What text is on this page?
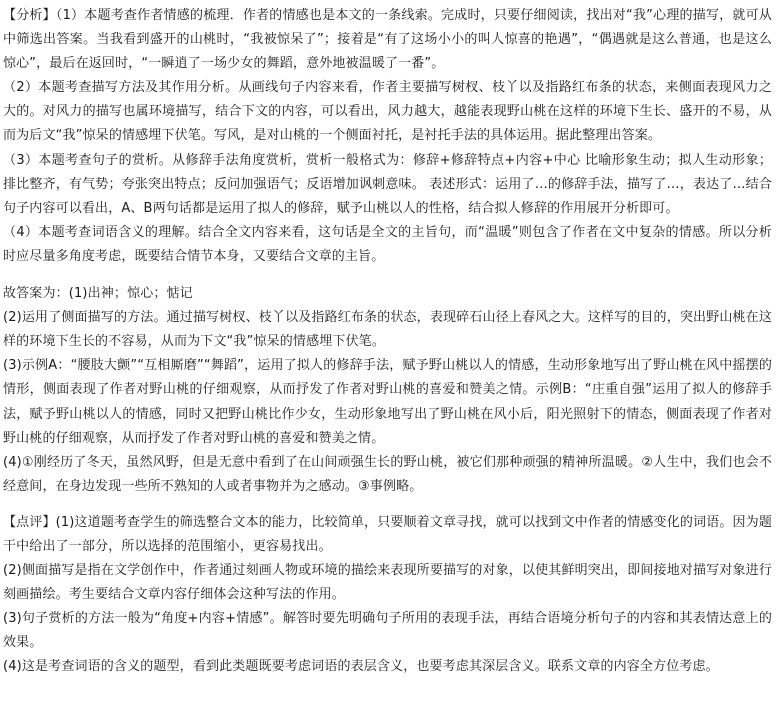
【分析】（1）本题考查作者情感的梳理．作者的情感也是本文的一条线索。完成时，只要仔细阅读，找出对“我”心理的描写，就可从中筛选出答案。当我看到盛开的山桃时，“我被惊呆了”；接着是“有了这场小小的叫人惊喜的艳遇”，“偶遇就是这么普通，也是这么惊心”，最后在返回时，“一瞬逍了一场少女的舞蹈，意外地被温暖了一番”。

（2）本题考查描写方法及其作用分析。从画线句子内容来看，作者主要描写树杈、枝丫以及指路红布条的状态，来侧面表现风力之大的。对风力的描写也属环境描写，结合下文的内容，可以看出，风力越大，越能表现野山桃在这样的环境下生长、盛开的不易，从而为后文“我”惊呆的情感埋下伏笔。写风，是对山桃的一个侧面衬托，是衬托手法的具体运用。据此整理出答案。

（3）本题考查句子的赏析。从修辞手法角度赏析，赏析一般格式为：修辞+修辞特点+内容+中心 比喻形象生动；拟人生动形象；排比整齐，有气势；夸张突出特点；反问加强语气；反语增加讽刺意味。 表述形式：运用了…的修辞手法，描写了…，表达了…结合句子内容可以看出，A、B两句话都是运用了拟人的修辞，赋予山桃以人的性格，结合拟人修辞的作用展开分析即可。

（4）本题考查词语含义的理解。结合全文内容来看，这句话是全文的主旨句，而“温暖”则包含了作者在文中复杂的情感。所以分析时应尽量多角度考虑，既要结合情节本身，又要结合文章的主旨。

故答案为：(1)出神；惊心；惦记

(2)运用了侧面描写的方法。通过描写树杈、枝丫以及指路红布条的状态，表现碎石山径上春风之大。这样写的目的，突出野山桃在这样的环境下生长的不容易，从而为下文“我”惊呆的情感埋下伏笔。

(3)示例A：“腰肢大颤”“互相厮磨”“舞蹈”，运用了拟人的修辞手法，赋予野山桃以人的情感，生动形象地写出了野山桃在风中摇摆的情形，侧面表现了作者对野山桃的仔细观察，从而抒发了作者对野山桃的喜爱和赞美之情。示例B：“庄重自强”运用了拟人的修辞手法，赋予野山桃以人的情感，同时又把野山桃比作少女，生动形象地写出了野山桃在风小后，阳光照射下的情态，侧面表现了作者对野山桃的仔细观察，从而抒发了作者对野山桃的喜爱和赞美之情。

(4)①刚经历了冬天，虽然风野，但是无意中看到了在山间顽强生长的野山桃，被它们那种顽强的精神所温暖。②人生中，我们也会不经意间，在身边发现一些所不熟知的人或者事物并为之感动。③事例略。

【点评】(1)这道题考查学生的筛选整合文本的能力，比较简单，只要顺着文章寻找，就可以找到文中作者的情感变化的词语。因为题干中给出了一部分，所以选择的范围缩小，更容易找出。

(2)侧面描写是指在文学创作中，作者通过刻画人物或环境的描绘来表现所要描写的对象，以使其鲜明突出，即间接地对描写对象进行刻画描绘。考生要结合文章内容仔细体会这种写法的作用。

(3)句子赏析的方法一般为“角度+内容+情感”。解答时要先明确句子所用的表现手法，再结合语境分析句子的内容和其表情达意上的效果。

(4)这是考查词语的含义的题型，看到此类题既要考虑词语的表层含义，也要考虑其深层含义。联系文章的内容全方位考虑。
